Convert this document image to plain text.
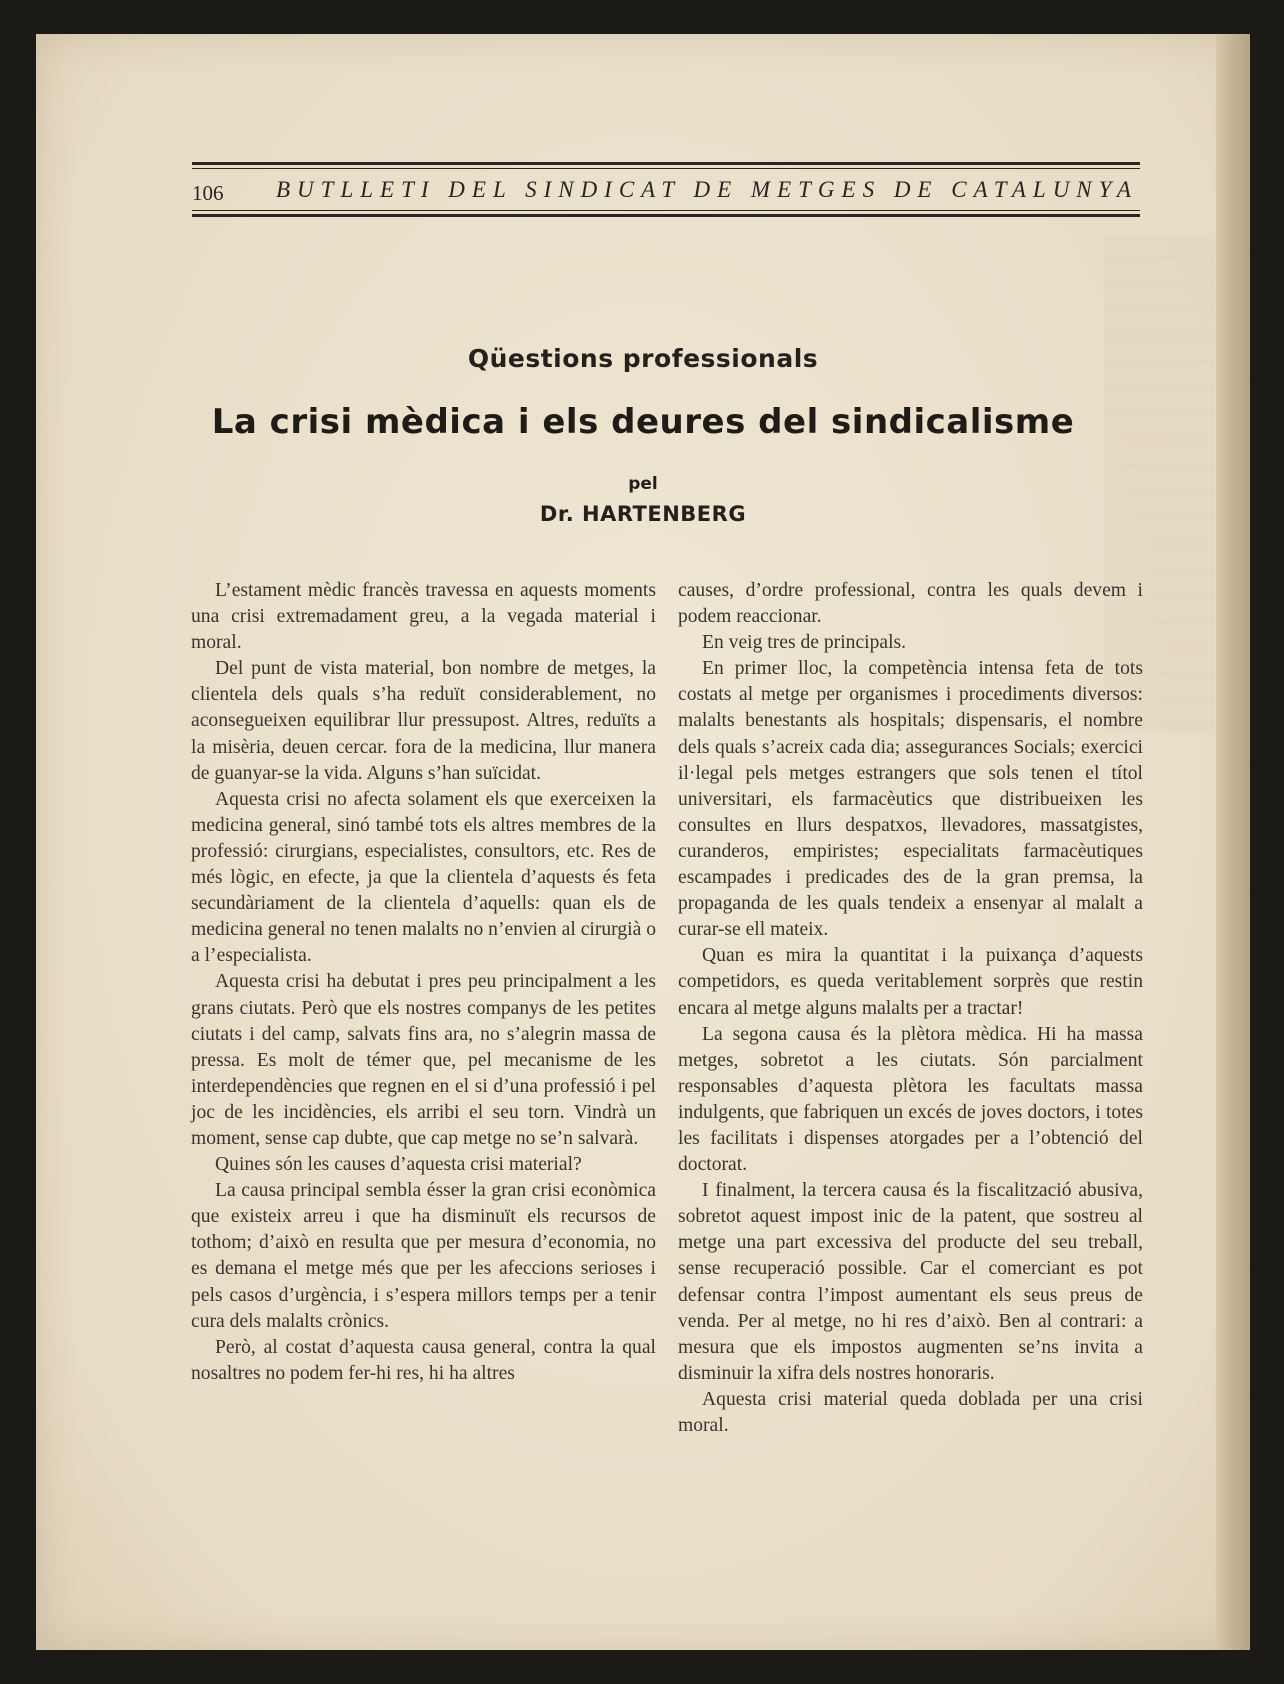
106 BUTLLETI DEL SINDICAT DE METGES DE CATALUNYA
Qüestions professionals
La crisi mèdica i els deures del sindicalisme
pel
Dr. HARTENBERG

L’estament mèdic francès travessa en aquests moments una crisi extremadament greu, a la vegada material i moral.

Del punt de vista material, bon nombre de metges, la clientela dels quals s’ha reduït considerablement, no aconsegueixen equilibrar llur pressupost. Altres, reduïts a la misèria, deuen cercar. fora de la medicina, llur manera de guanyar-se la vida. Alguns s’han suïcidat.

Aquesta crisi no afecta solament els que exerceixen la medicina general, sinó també tots els altres membres de la professió: cirurgians, especialistes, consultors, etc. Res de més lògic, en efecte, ja que la clientela d’aquests és feta secundàriament de la clientela d’aquells: quan els de medicina general no tenen malalts no n’envien al cirurgià o a l’especialista.

Aquesta crisi ha debutat i pres peu principalment a les grans ciutats. Però que els nostres companys de les petites ciutats i del camp, salvats fins ara, no s’alegrin massa de pressa. Es molt de témer que, pel mecanisme de les interdependències que regnen en el si d’una professió i pel joc de les incidències, els arribi el seu torn. Vindrà un moment, sense cap dubte, que cap metge no se’n salvarà.

Quines són les causes d’aquesta crisi material?

La causa principal sembla ésser la gran crisi econòmica que existeix arreu i que ha disminuït els recursos de tothom; d’això en resulta que per mesura d’economia, no es demana el metge més que per les afeccions serioses i pels casos d’urgència, i s’espera millors temps per a tenir cura dels malalts crònics.

Però, al costat d’aquesta causa general, contra la qual nosaltres no podem fer-hi res, hi ha altres

causes, d’ordre professional, contra les quals devem i podem reaccionar.

En veig tres de principals.

En primer lloc, la competència intensa feta de tots costats al metge per organismes i procediments diversos: malalts benestants als hospitals; dispensaris, el nombre dels quals s’acreix cada dia; assegurances Socials; exercici il·legal pels metges estrangers que sols tenen el títol universitari, els farmacèutics que distribueixen les consultes en llurs despatxos, llevadores, massatgistes, curanderos, empiristes; especialitats farmacèutiques escampades i predicades des de la gran premsa, la propaganda de les quals tendeix a ensenyar al malalt a curar-se ell mateix.

Quan es mira la quantitat i la puixança d’aquests competidors, es queda veritablement sorprès que restin encara al metge alguns malalts per a tractar!

La segona causa és la plètora mèdica. Hi ha massa metges, sobretot a les ciutats. Són parcialment responsables d’aquesta plètora les facultats massa indulgents, que fabriquen un excés de joves doctors, i totes les facilitats i dispenses atorgades per a l’obtenció del doctorat.

I finalment, la tercera causa és la fiscalització abusiva, sobretot aquest impost inic de la patent, que sostreu al metge una part excessiva del producte del seu treball, sense recuperació possible. Car el comerciant es pot defensar contra l’impost aumentant els seus preus de venda. Per al metge, no hi res d’això. Ben al contrari: a mesura que els impostos augmenten se’ns invita a disminuir la xifra dels nostres honoraris.

Aquesta crisi material queda doblada per una crisi moral.
